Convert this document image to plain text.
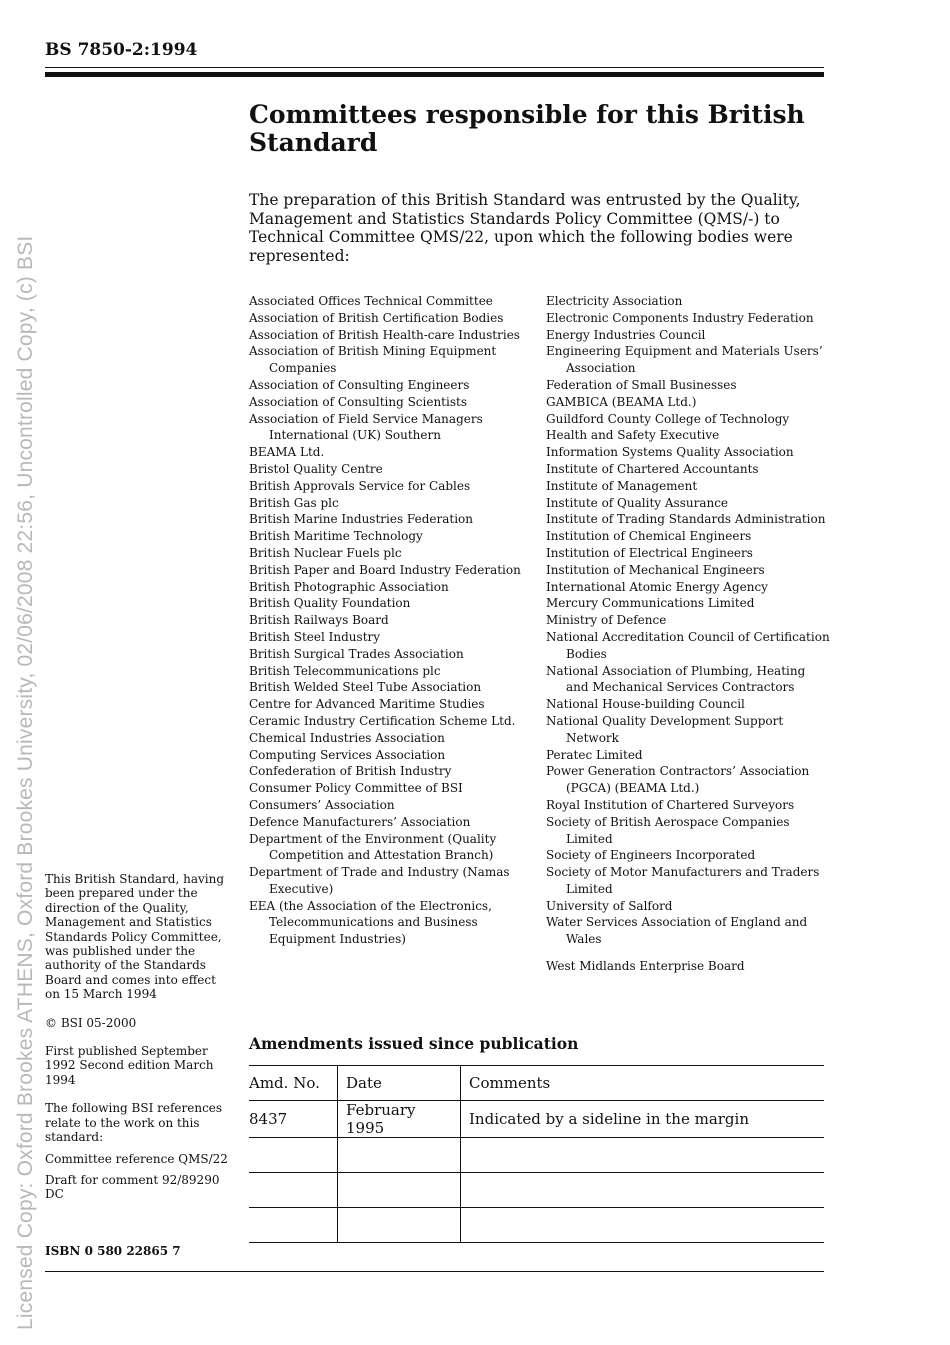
Licensed Copy: Oxford Brookes ATHENS, Oxford Brookes University, 02/06/2008 22:56, Uncontrolled Copy, (c) BSI
BS 7850-2:1994
Committees responsible for this British Standard
The preparation of this British Standard was entrusted by the Quality, Management and Statistics Standards Policy Committee (QMS/-) to Technical Committee QMS/22, upon which the following bodies were represented:
Associated Offices Technical Committee
Association of British Certification Bodies
Association of British Health-care Industries
Association of British Mining Equipment Companies
Association of Consulting Engineers
Association of Consulting Scientists
Association of Field Service Managers International (UK) Southern
BEAMA Ltd.
Bristol Quality Centre
British Approvals Service for Cables
British Gas plc
British Marine Industries Federation
British Maritime Technology
British Nuclear Fuels plc
British Paper and Board Industry Federation
British Photographic Association
British Quality Foundation
British Railways Board
British Steel Industry
British Surgical Trades Association
British Telecommunications plc
British Welded Steel Tube Association
Centre for Advanced Maritime Studies
Ceramic Industry Certification Scheme Ltd.
Chemical Industries Association
Computing Services Association
Confederation of British Industry
Consumer Policy Committee of BSI
Consumers’ Association
Defence Manufacturers’ Association
Department of the Environment (Quality Competition and Attestation Branch)
Department of Trade and Industry (Namas Executive)
EEA (the Association of the Electronics, Telecommunications and Business Equipment Industries)
Electricity Association
Electronic Components Industry Federation
Energy Industries Council
Engineering Equipment and Materials Users’ Association
Federation of Small Businesses
GAMBICA (BEAMA Ltd.)
Guildford County College of Technology
Health and Safety Executive
Information Systems Quality Association
Institute of Chartered Accountants
Institute of Management
Institute of Quality Assurance
Institute of Trading Standards Administration
Institution of Chemical Engineers
Institution of Electrical Engineers
Institution of Mechanical Engineers
International Atomic Energy Agency
Mercury Communications Limited
Ministry of Defence
National Accreditation Council of Certification Bodies
National Association of Plumbing, Heating and Mechanical Services Contractors
National House-building Council
National Quality Development Support Network
Peratec Limited
Power Generation Contractors’ Association (PGCA) (BEAMA Ltd.)
Royal Institution of Chartered Surveyors
Society of British Aerospace Companies Limited
Society of Engineers Incorporated
Society of Motor Manufacturers and Traders Limited
University of Salford
Water Services Association of England and Wales
West Midlands Enterprise Board

This British Standard, having been prepared under the direction of the Quality, Management and Statistics Standards Policy Committee, was published under the authority of the Standards Board and comes into effect on 15 March 1994

© BSI 05-2000

First published September 1992 Second edition March 1994

The following BSI references relate to the work on this standard:

Committee reference QMS/22

Draft for comment 92/89290 DC

ISBN 0 580 22865 7
Amendments issued since publication
Amd. No.	Date	Comments
8437	February 1995	Indicated by a sideline in the margin
